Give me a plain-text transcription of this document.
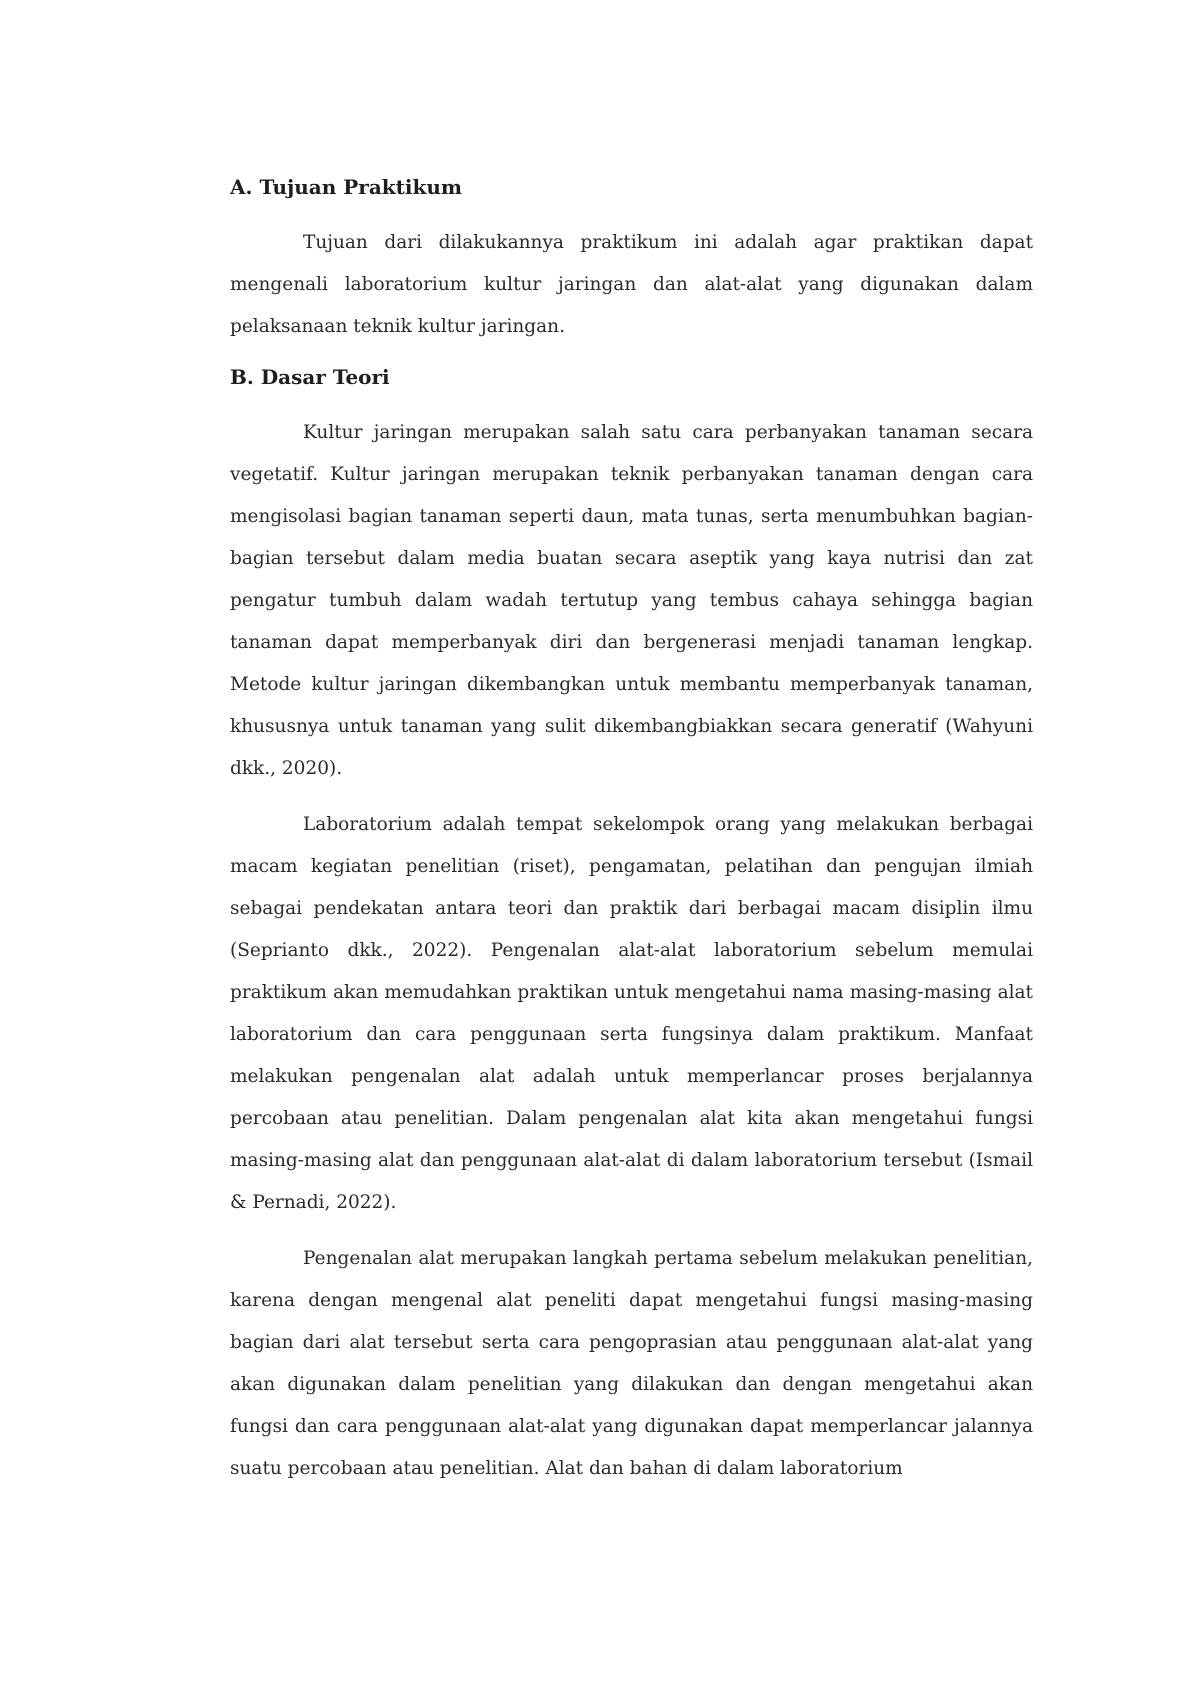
A. Tujuan Praktikum

Tujuan dari dilakukannya praktikum ini adalah agar praktikan dapat mengenali laboratorium kultur jaringan dan alat-alat yang digunakan dalam pelaksanaan teknik kultur jaringan.

B. Dasar Teori

Kultur jaringan merupakan salah satu cara perbanyakan tanaman secara vegetatif. Kultur jaringan merupakan teknik perbanyakan tanaman dengan cara mengisolasi bagian tanaman seperti daun, mata tunas, serta menumbuhkan bagian-bagian tersebut dalam media buatan secara aseptik yang kaya nutrisi dan zat pengatur tumbuh dalam wadah tertutup yang tembus cahaya sehingga bagian tanaman dapat memperbanyak diri dan bergenerasi menjadi tanaman lengkap. Metode kultur jaringan dikembangkan untuk membantu memperbanyak tanaman, khususnya untuk tanaman yang sulit dikembangbiakkan secara generatif (Wahyuni dkk., 2020).

Laboratorium adalah tempat sekelompok orang yang melakukan berbagai macam kegiatan penelitian (riset), pengamatan, pelatihan dan pengujan ilmiah sebagai pendekatan antara teori dan praktik dari berbagai macam disiplin ilmu (Seprianto dkk., 2022). Pengenalan alat-alat laboratorium sebelum memulai praktikum akan memudahkan praktikan untuk mengetahui nama masing-masing alat laboratorium dan cara penggunaan serta fungsinya dalam praktikum. Manfaat melakukan pengenalan alat adalah untuk memperlancar proses berjalannya percobaan atau penelitian. Dalam pengenalan alat kita akan mengetahui fungsi masing-masing alat dan penggunaan alat-alat di dalam laboratorium tersebut (Ismail & Pernadi, 2022).

Pengenalan alat merupakan langkah pertama sebelum melakukan penelitian, karena dengan mengenal alat peneliti dapat mengetahui fungsi masing-masing bagian dari alat tersebut serta cara pengoprasian atau penggunaan alat-alat yang akan digunakan dalam penelitian yang dilakukan dan dengan mengetahui akan fungsi dan cara penggunaan alat-alat yang digunakan dapat memperlancar jalannya suatu percobaan atau penelitian. Alat dan bahan di dalam laboratorium
